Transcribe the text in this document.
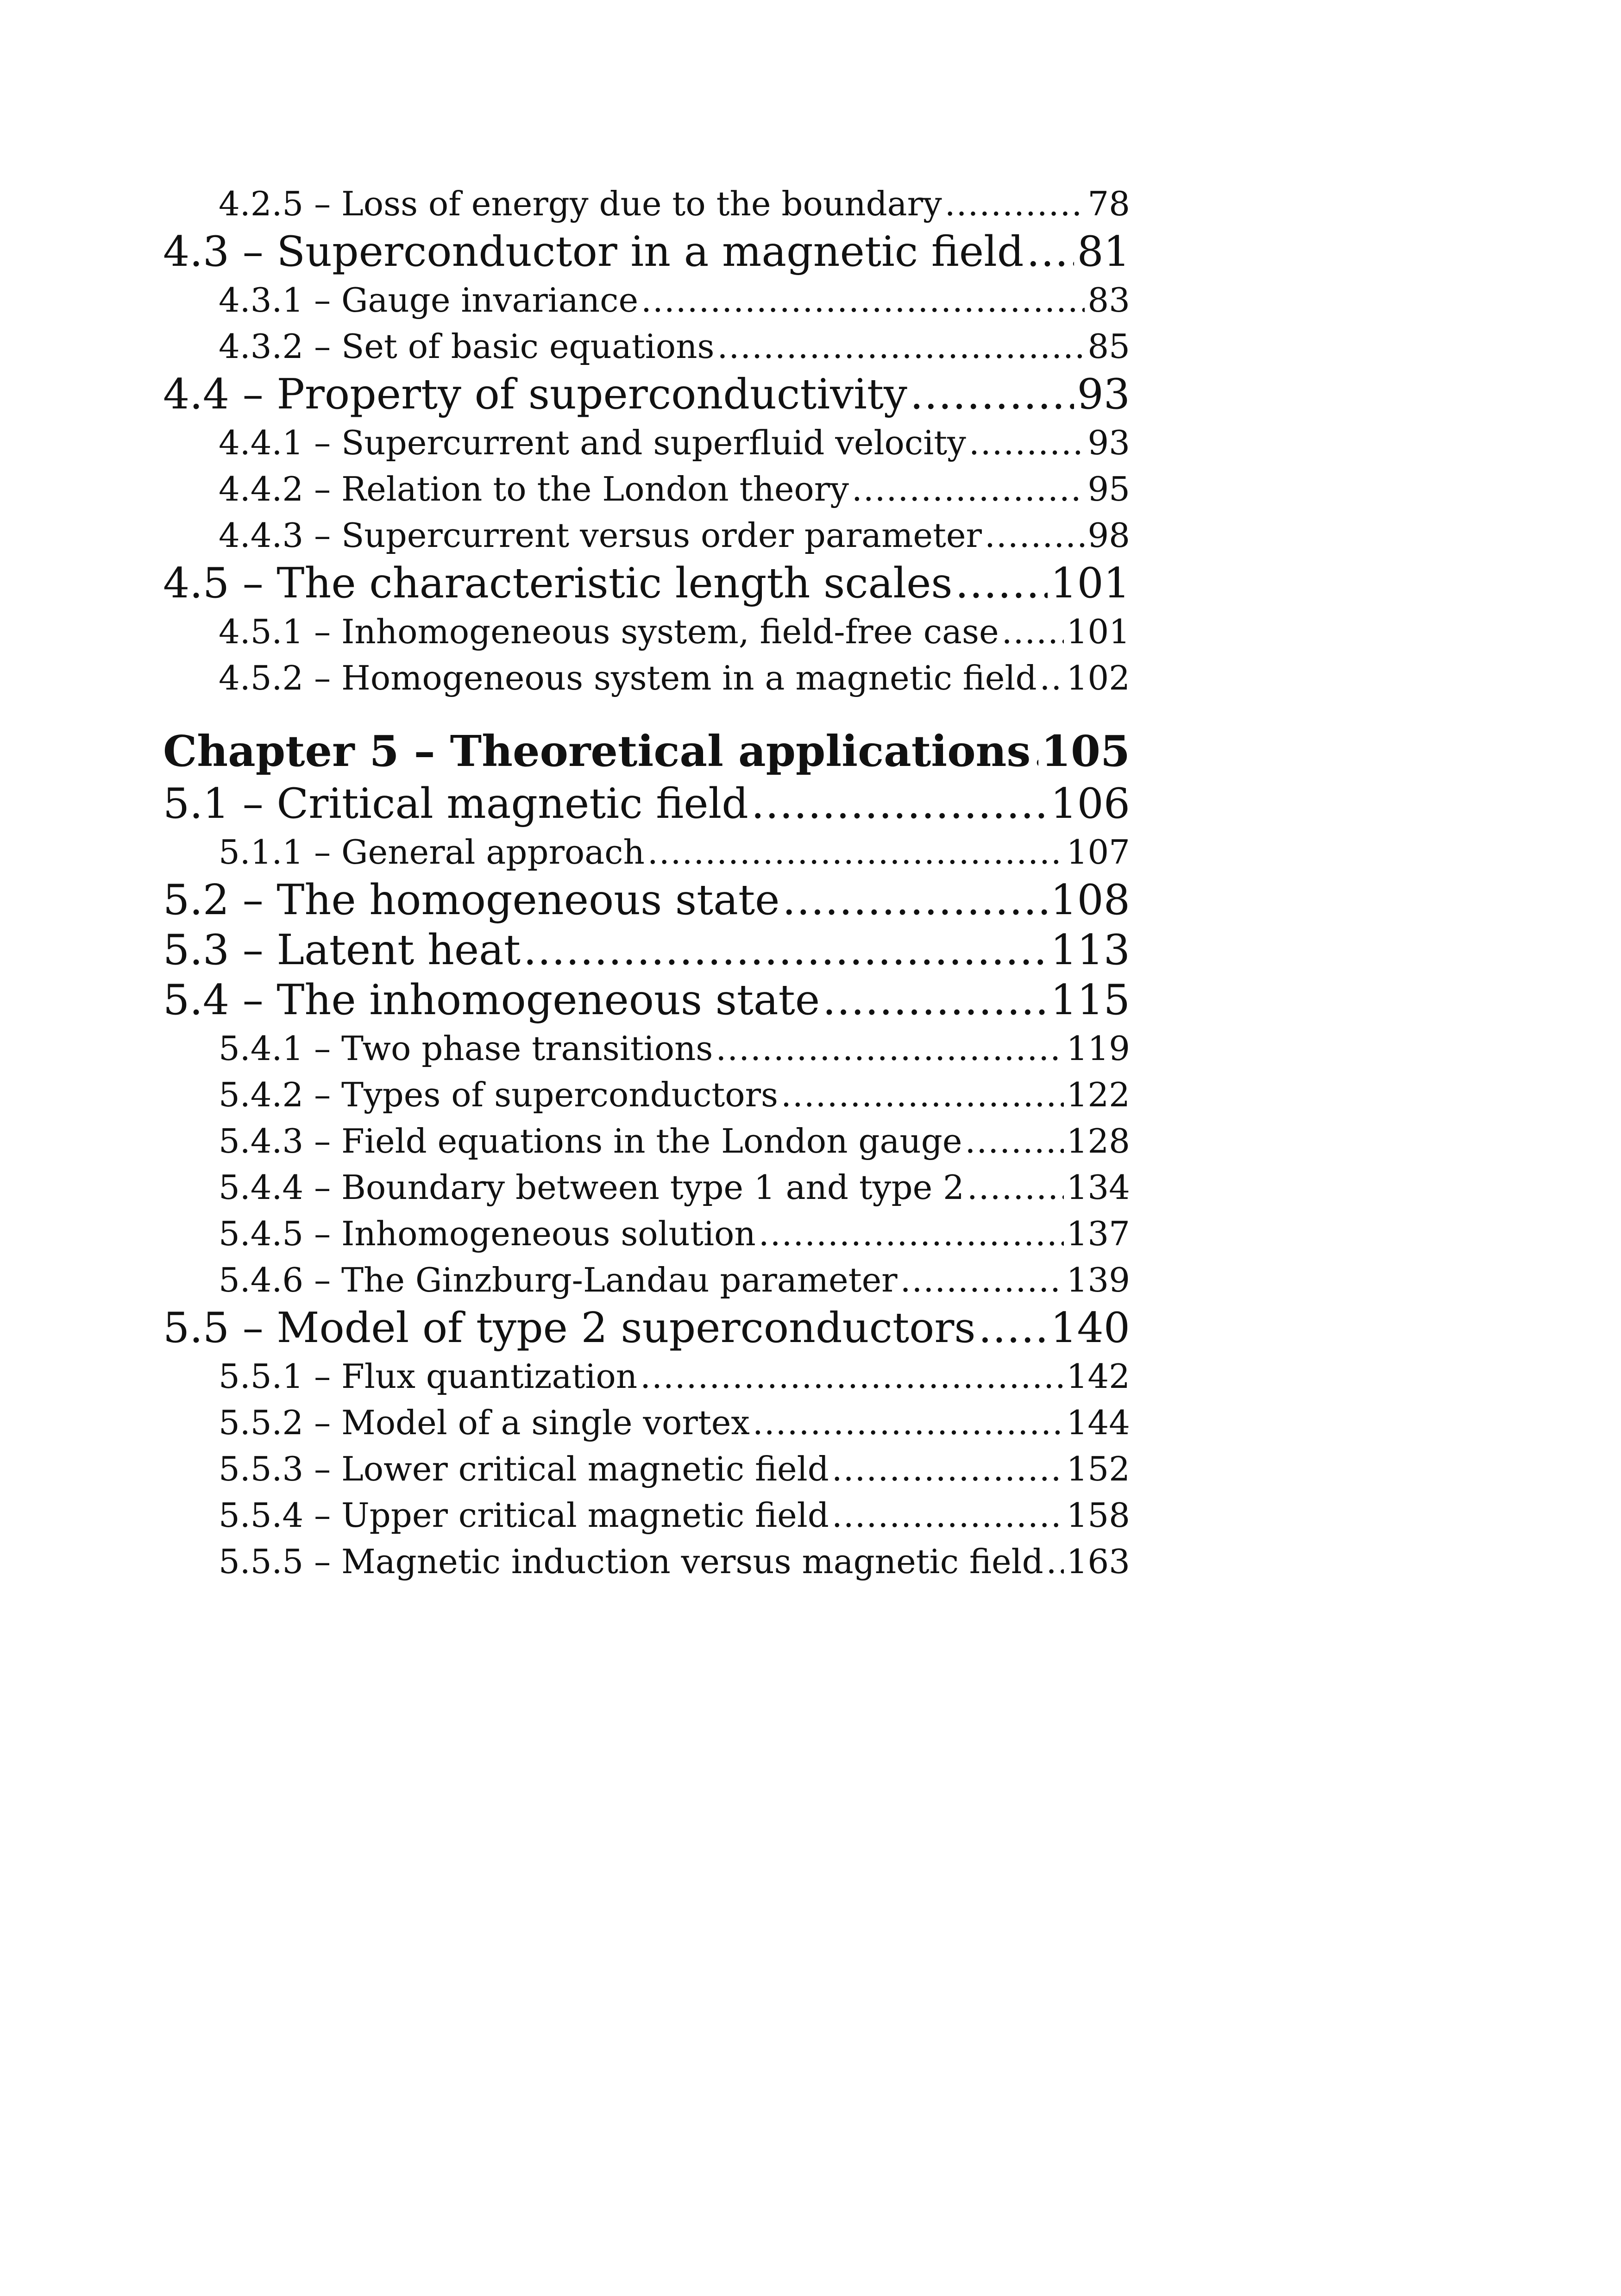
4.2.5 – Loss of energy due to the boundary .....	78
4.3 – Superconductor in a magnetic field ..... 81
4.3.1 – Gauge invariance .....	83
4.3.2 – Set of basic equations .....	85
4.4 – Property of superconductivity .....	93
4.4.1 – Supercurrent and superfluid velocity .....	93
4.4.2 – Relation to the London theory .....	95
4.4.3 – Supercurrent versus order parameter .....	98
4.5 – The characteristic length scales ..... 101
4.5.1 – Inhomogeneous system, field-free case ..... 101
4.5.2 – Homogeneous system in a magnetic field ..... 102
Chapter 5 – Theoretical applications ..... 105
5.1 – Critical magnetic field .....	106
5.1.1 – General approach .....	107
5.2 – The homogeneous state .....	108
5.3 – Latent heat .....	113
5.4 – The inhomogeneous state .....	115
5.4.1 – Two phase transitions .....	119
5.4.2 – Types of superconductors .....	122
5.4.3 – Field equations in the London gauge .....	128
5.4.4 – Boundary between type 1 and type 2 .....	134
5.4.5 – Inhomogeneous solution .....	137
5.4.6 – The Ginzburg-Landau parameter .....	139
5.5 – Model of type 2 superconductors ..... 140
5.5.1 – Flux quantization .....	142
5.5.2 – Model of a single vortex .....	144
5.5.3 – Lower critical magnetic field .....	152
5.5.4 – Upper critical magnetic field .....	158
5.5.5 – Magnetic induction versus magnetic field ..... 163
